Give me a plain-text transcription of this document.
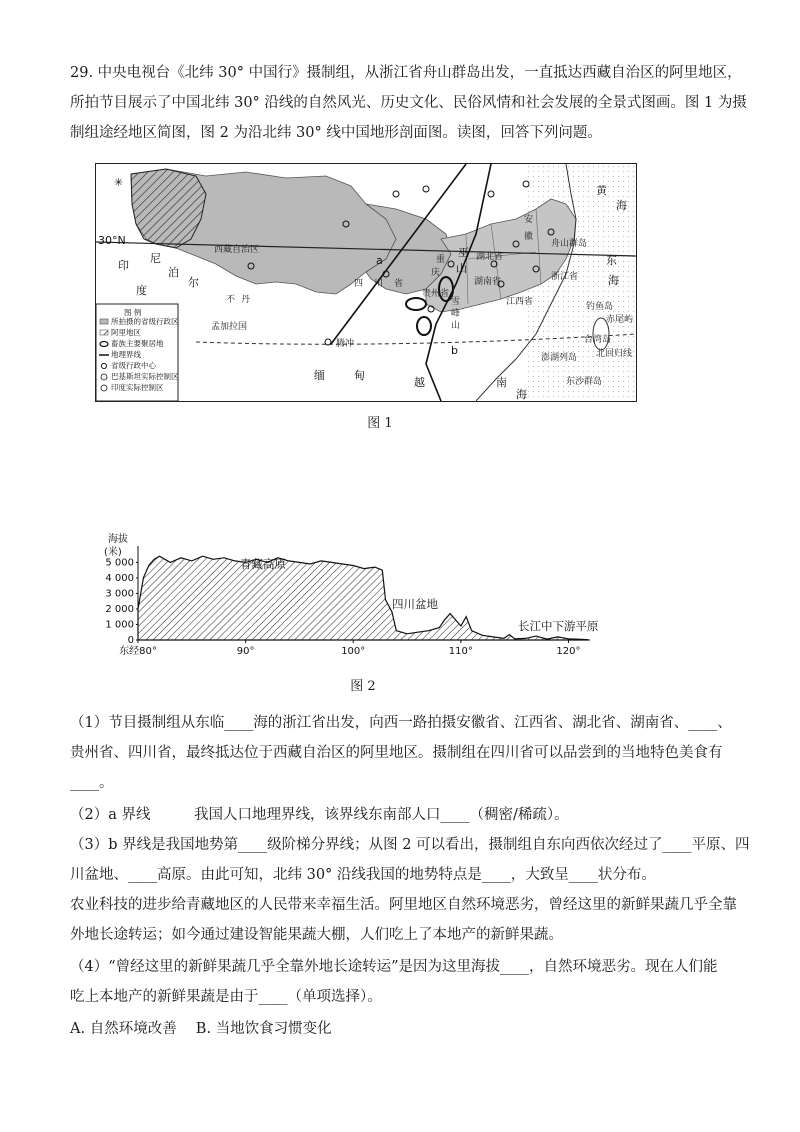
29. 中央电视台《北纬 30° 中国行》摄制组，从浙江省舟山群岛出发，一直抵达西藏自治区的阿里地区，
所拍节目展示了中国北纬 30° 沿线的自然风光、历史文化、民俗风情和社会发展的全景式图画。图 1 为摄
制组途经地区简图，图 2 为沿北纬 30° 线中国地形剖面图。读图，回答下列问题。
30°N
西藏自治区
四 川 省
贵州省
湖南省
湖北省
江西省
浙江省
安
徽
重
庆
巫
山
雪
峰
山
舟山群岛
黄
海
东
海
腾冲
缅	甸
印
度
尼
泊
尔
不 丹
孟加拉国
a
b
钓鱼岛
赤尾屿
台湾岛
北回归线
澎湖列岛
东沙群岛
南
海
越
✳
图 例
所拍摄的省级行政区
阿里地区
畜族主要聚居地
地理界线
省级行政中心
巴基斯坦实际控制区
印度实际控制区
图 1
海拔
(米)
5 000
4 000
3 000
2 000
1 000
0
东经80°	90°	100°	110°	120°
青藏高原
四川盆地
长江中下游平原
图 2
（1）节目摄制组从东临____海的浙江省出发，向西一路拍摄安徽省、江西省、湖北省、湖南省、____、
贵州省、四川省，最终抵达位于西藏自治区的阿里地区。摄制组在四川省可以品尝到的当地特色美食有
____。
（2）a 界线　　　我国人口地理界线，该界线东南部人口____（稠密/稀疏）。
（3）b 界线是我国地势第____级阶梯分界线；从图 2 可以看出，摄制组自东向西依次经过了____平原、四
川盆地、____高原。由此可知，北纬 30° 沿线我国的地势特点是____，大致呈____状分布。
农业科技的进步给青藏地区的人民带来幸福生活。阿里地区自然环境恶劣，曾经这里的新鲜果蔬几乎全靠
外地长途转运；如今通过建设智能果蔬大棚，人们吃上了本地产的新鲜果蔬。
（4）“曾经这里的新鲜果蔬几乎全靠外地长途转运”是因为这里海拔____，自然环境恶劣。现在人们能
吃上本地产的新鲜果蔬是由于____（单项选择）。
A. 自然环境改善　 B. 当地饮食习惯变化
